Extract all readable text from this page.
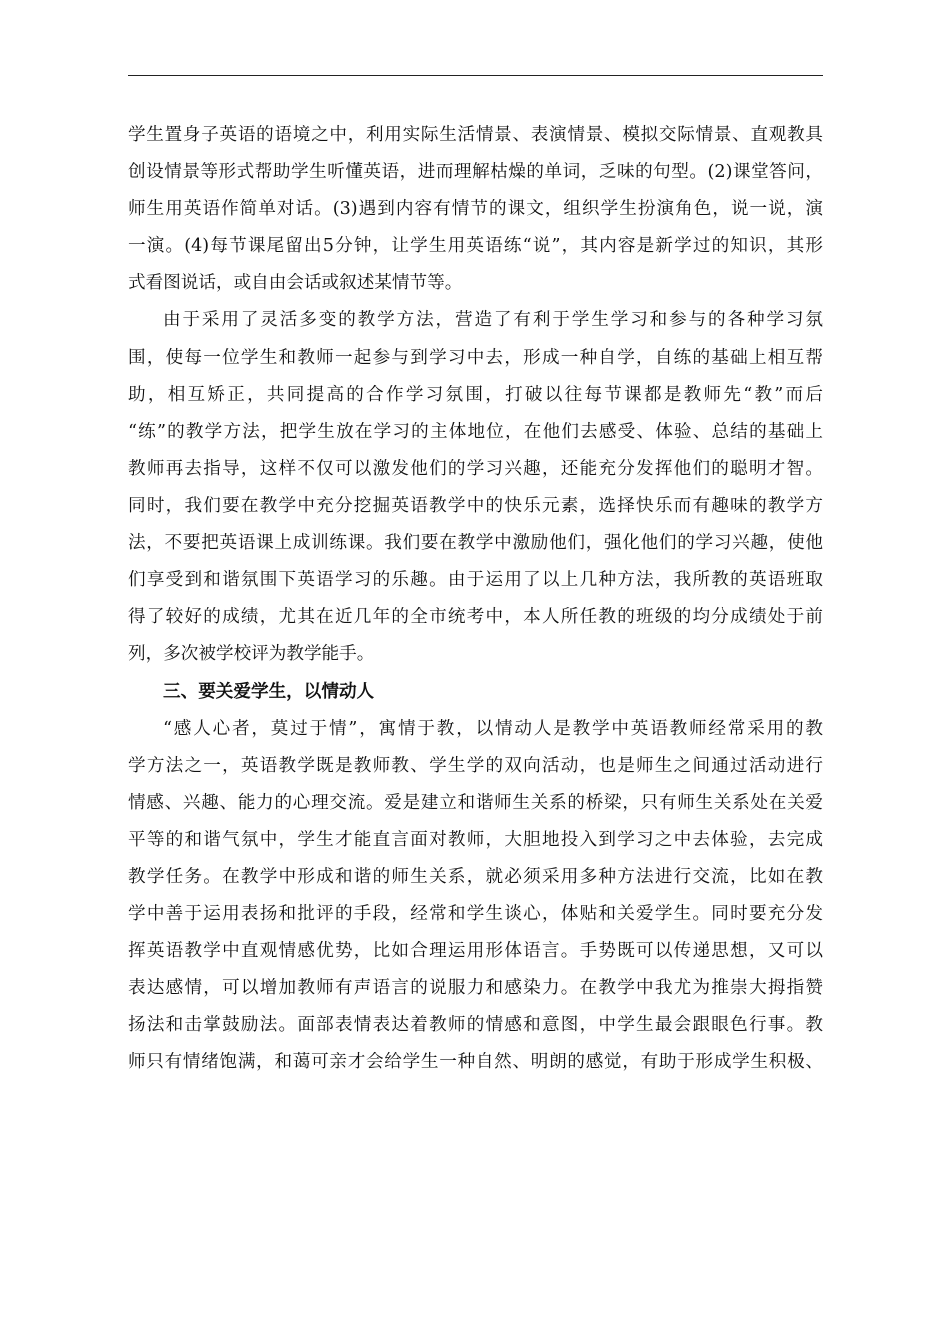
学生置身子英语的语境之中，利用实际生活情景、表演情景、模拟交际情景、直观教具
创设情景等形式帮助学生听懂英语，进而理解枯燥的单词，乏味的句型。(2)课堂答问，
师生用英语作简单对话。(3)遇到内容有情节的课文，组织学生扮演角色，说一说，演
一演。(4)每节课尾留出5分钟，让学生用英语练“说”，其内容是新学过的知识，其形
式看图说话，或自由会话或叙述某情节等。
由于采用了灵活多变的教学方法，营造了有利于学生学习和参与的各种学习氛
围，使每一位学生和教师一起参与到学习中去，形成一种自学，自练的基础上相互帮
助，相互矫正，共同提高的合作学习氛围，打破以往每节课都是教师先“教”而后
“练”的教学方法，把学生放在学习的主体地位，在他们去感受、体验、总结的基础上
教师再去指导，这样不仅可以激发他们的学习兴趣，还能充分发挥他们的聪明才智。
同时，我们要在教学中充分挖掘英语教学中的快乐元素，选择快乐而有趣味的教学方
法，不要把英语课上成训练课。我们要在教学中激励他们，强化他们的学习兴趣，使他
们享受到和谐氛围下英语学习的乐趣。由于运用了以上几种方法，我所教的英语班取
得了较好的成绩，尤其在近几年的全市统考中，本人所任教的班级的均分成绩处于前
列，多次被学校评为教学能手。
三、要关爱学生，以情动人
“感人心者，莫过于情”，寓情于教，以情动人是教学中英语教师经常采用的教
学方法之一，英语教学既是教师教、学生学的双向活动，也是师生之间通过活动进行
情感、兴趣、能力的心理交流。爱是建立和谐师生关系的桥梁，只有师生关系处在关爱
平等的和谐气氛中，学生才能直言面对教师，大胆地投入到学习之中去体验，去完成
教学任务。在教学中形成和谐的师生关系，就必须采用多种方法进行交流，比如在教
学中善于运用表扬和批评的手段，经常和学生谈心，体贴和关爱学生。同时要充分发
挥英语教学中直观情感优势，比如合理运用形体语言。手势既可以传递思想，又可以
表达感情，可以增加教师有声语言的说服力和感染力。在教学中我尤为推崇大拇指赞
扬法和击掌鼓励法。面部表情表达着教师的情感和意图，中学生最会跟眼色行事。教
师只有情绪饱满，和蔼可亲才会给学生一种自然、明朗的感觉，有助于形成学生积极、
